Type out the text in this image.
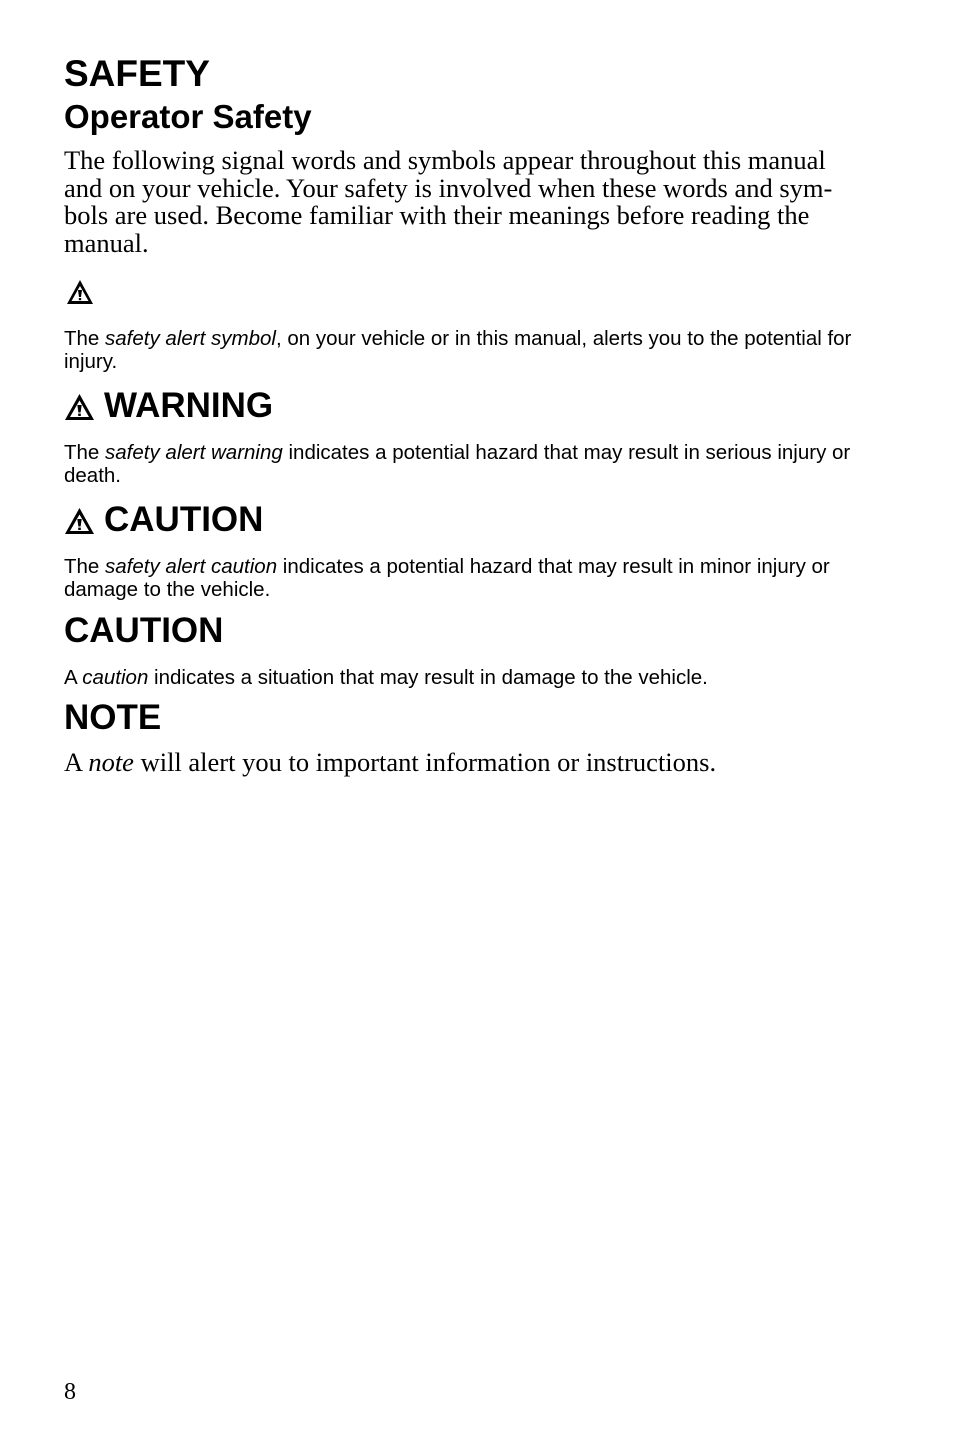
SAFETY
Operator Safety

The following signal words and symbols appear throughout this manual and on your vehicle. Your safety is involved when these words and sym-bols are used. Become familiar with their meanings before reading the manual.

The safety alert symbol, on your vehicle or in this manual, alerts you to the potential for injury.

WARNING

The safety alert warning indicates a potential hazard that may result in serious injury or death.

CAUTION

The safety alert caution indicates a potential hazard that may result in minor injury or damage to the vehicle.

CAUTION

A caution indicates a situation that may result in damage to the vehicle.

NOTE

A note will alert you to important information or instructions.

8
